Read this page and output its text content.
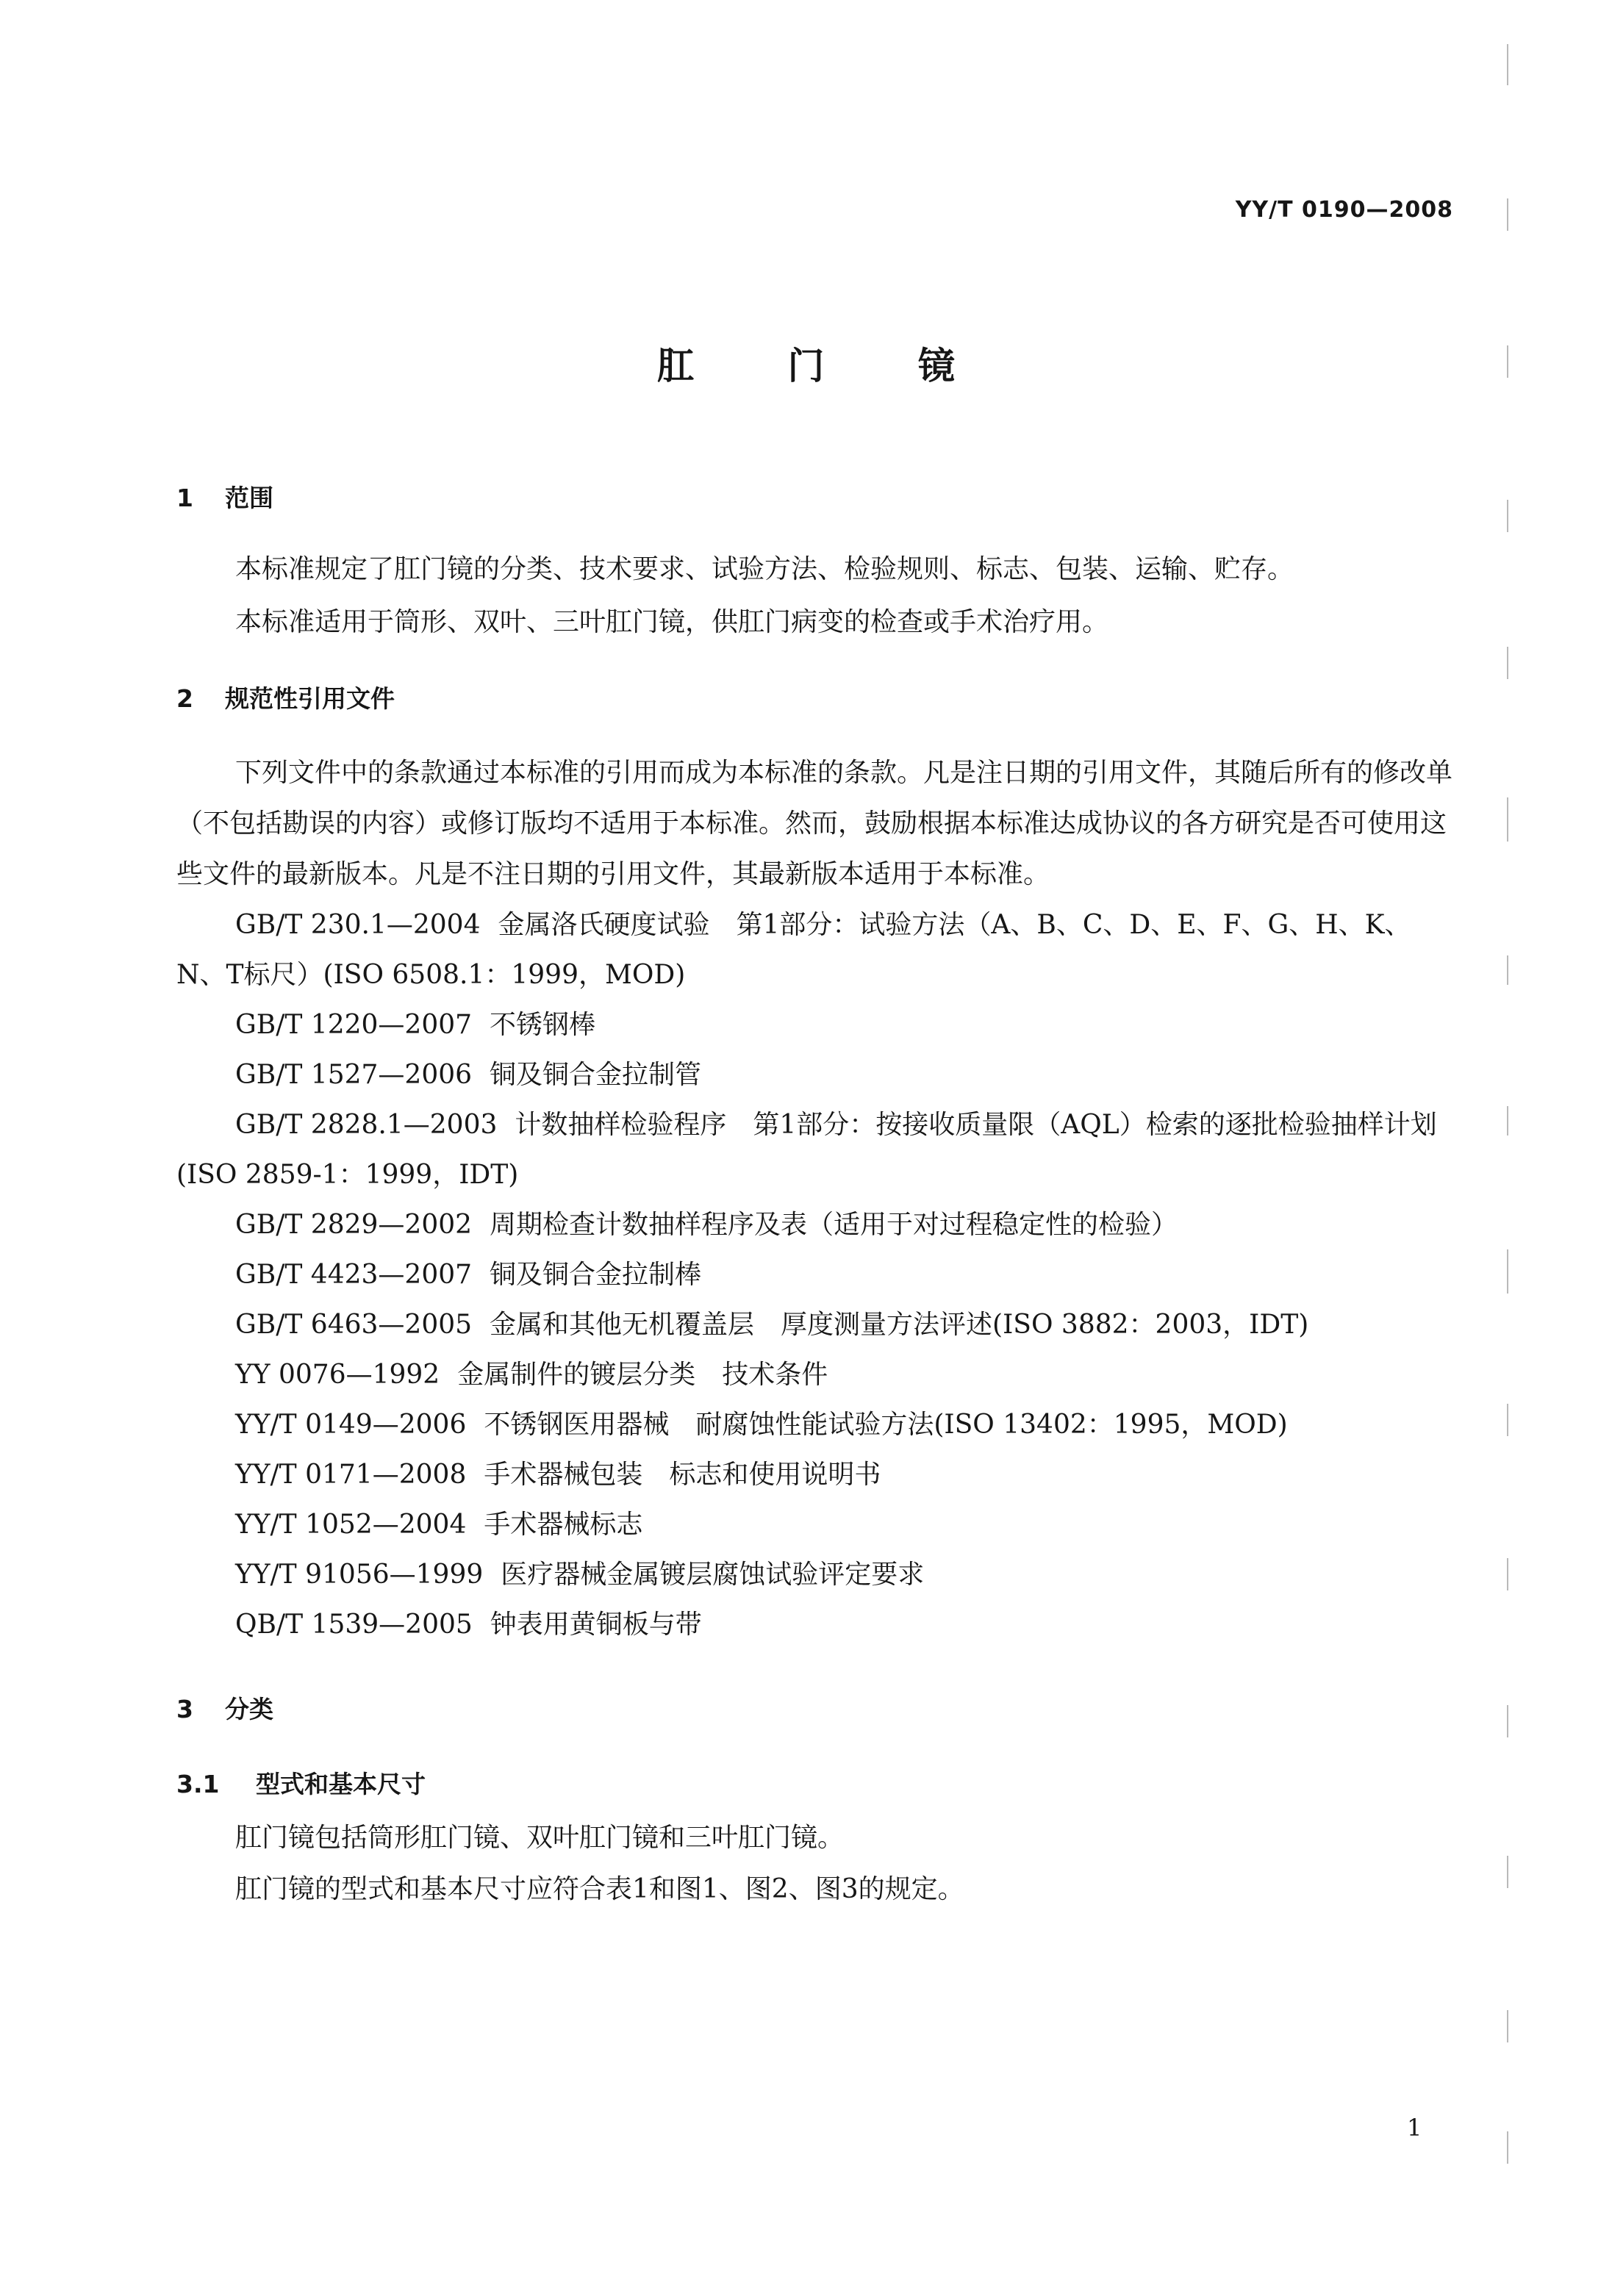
YY/T 0190—2008
肛 门 镜
1 范围
本标准规定了肛门镜的分类、技术要求、试验方法、检验规则、标志、包装、运输、贮存。
本标准适用于筒形、双叶、三叶肛门镜，供肛门病变的检查或手术治疗用。
2 规范性引用文件
下列文件中的条款通过本标准的引用而成为本标准的条款。凡是注日期的引用文件，其随后所有的修改单（不包括勘误的内容）或修订版均不适用于本标准。然而，鼓励根据本标准达成协议的各方研究是否可使用这些文件的最新版本。凡是不注日期的引用文件，其最新版本适用于本标准。
GB/T 230.1—2004 金属洛氏硬度试验　第1部分：试验方法（A、B、C、D、E、F、G、H、K、N、T标尺）(ISO 6508.1：1999，MOD)
GB/T 1220—2007 不锈钢棒
GB/T 1527—2006 铜及铜合金拉制管
GB/T 2828.1—2003 计数抽样检验程序　第1部分：按接收质量限（AQL）检索的逐批检验抽样计划(ISO 2859-1：1999，IDT)
GB/T 2829—2002 周期检查计数抽样程序及表（适用于对过程稳定性的检验）
GB/T 4423—2007 铜及铜合金拉制棒
GB/T 6463—2005 金属和其他无机覆盖层　厚度测量方法评述(ISO 3882：2003，IDT)
YY 0076—1992 金属制件的镀层分类　技术条件
YY/T 0149—2006 不锈钢医用器械　耐腐蚀性能试验方法(ISO 13402：1995，MOD)
YY/T 0171—2008 手术器械包装　标志和使用说明书
YY/T 1052—2004 手术器械标志
YY/T 91056—1999 医疗器械金属镀层腐蚀试验评定要求
QB/T 1539—2005 钟表用黄铜板与带
3 分类
3.1 型式和基本尺寸
肛门镜包括筒形肛门镜、双叶肛门镜和三叶肛门镜。
肛门镜的型式和基本尺寸应符合表1和图1、图2、图3的规定。
1
